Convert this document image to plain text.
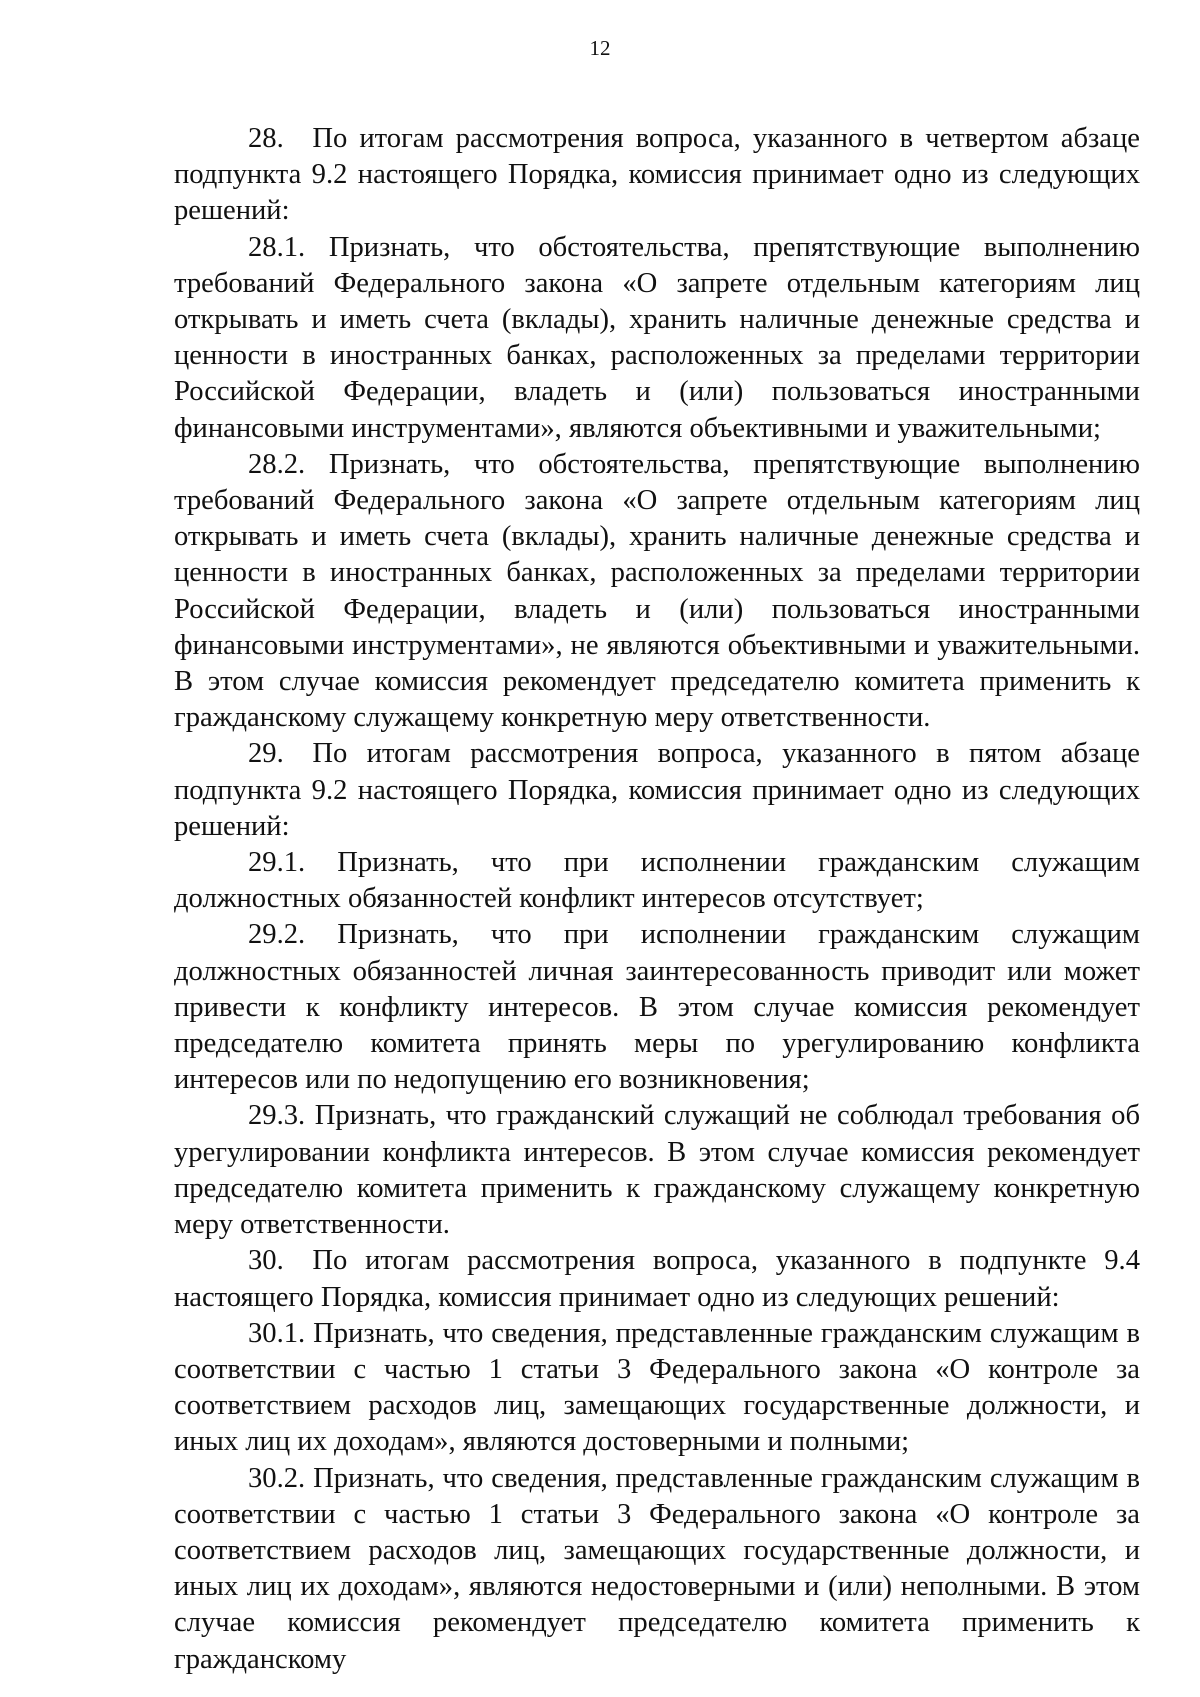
12

28. По итогам рассмотрения вопроса, указанного в четвертом абзаце подпункта 9.2 настоящего Порядка, комиссия принимает одно из следующих решений:

28.1. Признать, что обстоятельства, препятствующие выполнению требований Федерального закона «О запрете отдельным категориям лиц открывать и иметь счета (вклады), хранить наличные денежные средства и ценности в иностранных банках, расположенных за пределами территории Российской Федерации, владеть и (или) пользоваться иностранными финансовыми инструментами», являются объективными и уважительными;

28.2. Признать, что обстоятельства, препятствующие выполнению требований Федерального закона «О запрете отдельным категориям лиц открывать и иметь счета (вклады), хранить наличные денежные средства и ценности в иностранных банках, расположенных за пределами территории Российской Федерации, владеть и (или) пользоваться иностранными финансовыми инструментами», не являются объективными и уважительными. В этом случае комиссия рекомендует председателю комитета применить к гражданскому служащему конкретную меру ответственности.

29. По итогам рассмотрения вопроса, указанного в пятом абзаце подпункта 9.2 настоящего Порядка, комиссия принимает одно из следующих решений:

29.1. Признать, что при исполнении гражданским служащим должностных обязанностей конфликт интересов отсутствует;

29.2. Признать, что при исполнении гражданским служащим должностных обязанностей личная заинтересованность приводит или может привести к конфликту интересов. В этом случае комиссия рекомендует председателю комитета принять меры по урегулированию конфликта интересов или по недопущению его возникновения;

29.3. Признать, что гражданский служащий не соблюдал требования об урегулировании конфликта интересов. В этом случае комиссия рекомендует председателю комитета применить к гражданскому служащему конкретную меру ответственности.

30. По итогам рассмотрения вопроса, указанного в подпункте 9.4 настоящего Порядка, комиссия принимает одно из следующих решений:

30.1. Признать, что сведения, представленные гражданским служащим в соответствии с частью 1 статьи 3 Федерального закона «О контроле за соответствием расходов лиц, замещающих государственные должности, и иных лиц их доходам», являются достоверными и полными;

30.2. Признать, что сведения, представленные гражданским служащим в соответствии с частью 1 статьи 3 Федерального закона «О контроле за соответствием расходов лиц, замещающих государственные должности, и иных лиц их доходам», являются недостоверными и (или) неполными. В этом случае комиссия рекомендует председателю комитета применить к гражданскому
